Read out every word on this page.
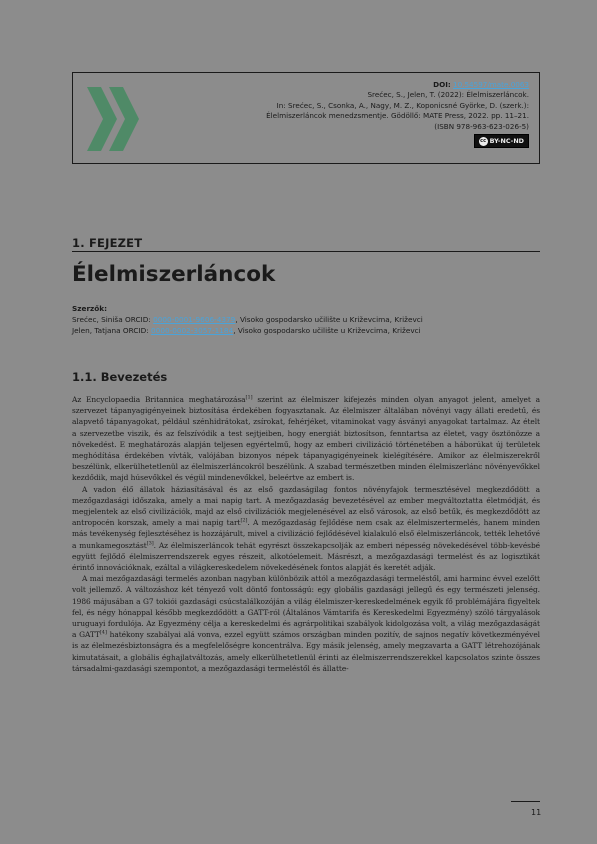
DOI: 10.54597/mate.0063
Srećec, S., Jelen, T. (2022): Élelmiszerláncok.
In: Srećec, S., Csonka, A., Nagy, M. Z., Koponicsné Györke, D. (szerk.):
Élelmiszerláncok menedzsmentje. Gödöllő: MATE Press, 2022. pp. 11–21.
(ISBN 978-963-623-026-5)
cc BY-NC-ND
1. FEJEZET
Élelmiszerláncok
Szerzők:
Srećec, Siniša ORCID: 0000-0001-9606-4379, Visoko gospodarsko učilište u Križevcima, Križevci
Jelen, Tatjana ORCID: 0000-0002-3057-1184, Visoko gospodarsko učilište u Križevcima, Križevci
1.1. Bevezetés

Az Encyclopaedia Britannica meghatározása[1] szerint az élelmiszer kifejezés minden olyan anyagot jelent, amelyet a szervezet tápanyagigényeinek biztosítása érdekében fogyasztanak. Az élelmiszer általában növényi vagy állati eredetű, és alapvető tápanyagokat, például szénhidrátokat, zsírokat, fehérjéket, vitaminokat vagy ásványi anyagokat tartalmaz. Az ételt a szervezetbe viszik, és az felszívódik a test sejtjeiben, hogy energiát biztosítson, fenntartsa az életet, vagy ösztönözze a növekedést. E meghatározás alapján teljesen egyértelmű, hogy az emberi civilizáció történetében a háborúkat új területek meghódítása érdekében vívták, valójában bizonyos népek tápanyagigényeinek kielégítésére. Amikor az élelmiszerekről beszélünk, elkerülhetetlenül az élelmiszerláncokról beszélünk. A szabad természetben minden élelmiszerlánc növényevőkkel kezdődik, majd húsevőkkel és végül mindenevőkkel, beleértve az embert is.

A vadon élő állatok háziasításával és az első gazdaságilag fontos növényfajok termesztésével megkezdődött a mezőgazdasági időszaka, amely a mai napig tart. A mezőgazdaság bevezetésével az ember megváltoztatta életmódját, és megjelentek az első civilizációk, majd az első civilizációk megjelenésével az első városok, az első betűk, és megkezdődött az antropocén korszak, amely a mai napig tart[2]. A mezőgazdaság fejlődése nem csak az élelmiszertermelés, hanem minden más tevékenység fejlesztéséhez is hozzájárult, mivel a civilizáció fejlődésével kialakuló első élelmiszerláncok, tették lehetővé a munkamegosztást[3]. Az élelmiszerláncok tehát egyrészt összekapcsolják az emberi népesség növekedésével több-kevésbé együtt fejlődő élelmiszerrendszerek egyes részeit, alkotóelemeit. Másrészt, a mezőgazdasági termelést és az logisztikát érintő innovációknak, ezáltal a világkereskedelem növekedésének fontos alapját és keretét adják.

A mai mezőgazdasági termelés azonban nagyban különbözik attól a mezőgazdasági termeléstől, ami harminc évvel ezelőtt volt jellemző. A változáshoz két tényező volt döntő fontosságú: egy globális gazdasági jellegű és egy természeti jelenség. 1986 májusában a G7 tokiói gazdasági csúcstalálkozóján a világ élelmiszer-kereskedelmének egyik fő problémájára figyeltek fel, és négy hónappal később megkezdődött a GATT-ról (Általános Vámtarifa és Kereskedelmi Egyezmény) szóló tárgyalások uruguayi fordulója. Az Egyezmény célja a kereskedelmi és agrárpolitikai szabályok kidolgozása volt, a világ mezőgazdaságát a GATT[4] hatékony szabályai alá vonva, ezzel együtt számos országban minden pozitív, de sajnos negatív következményével is az élelmezésbiztonságra és a megfelelőségre koncentrálva. Egy másik jelenség, amely megzavarta a GATT létrehozójának kimutatásait, a globális éghajlatváltozás, amely elkerülhetetlenül érinti az élelmiszerrendszerekkel kapcsolatos szinte összes társadalmi-gazdasági szempontot, a mezőgazdasági termeléstől és állatte-

11
